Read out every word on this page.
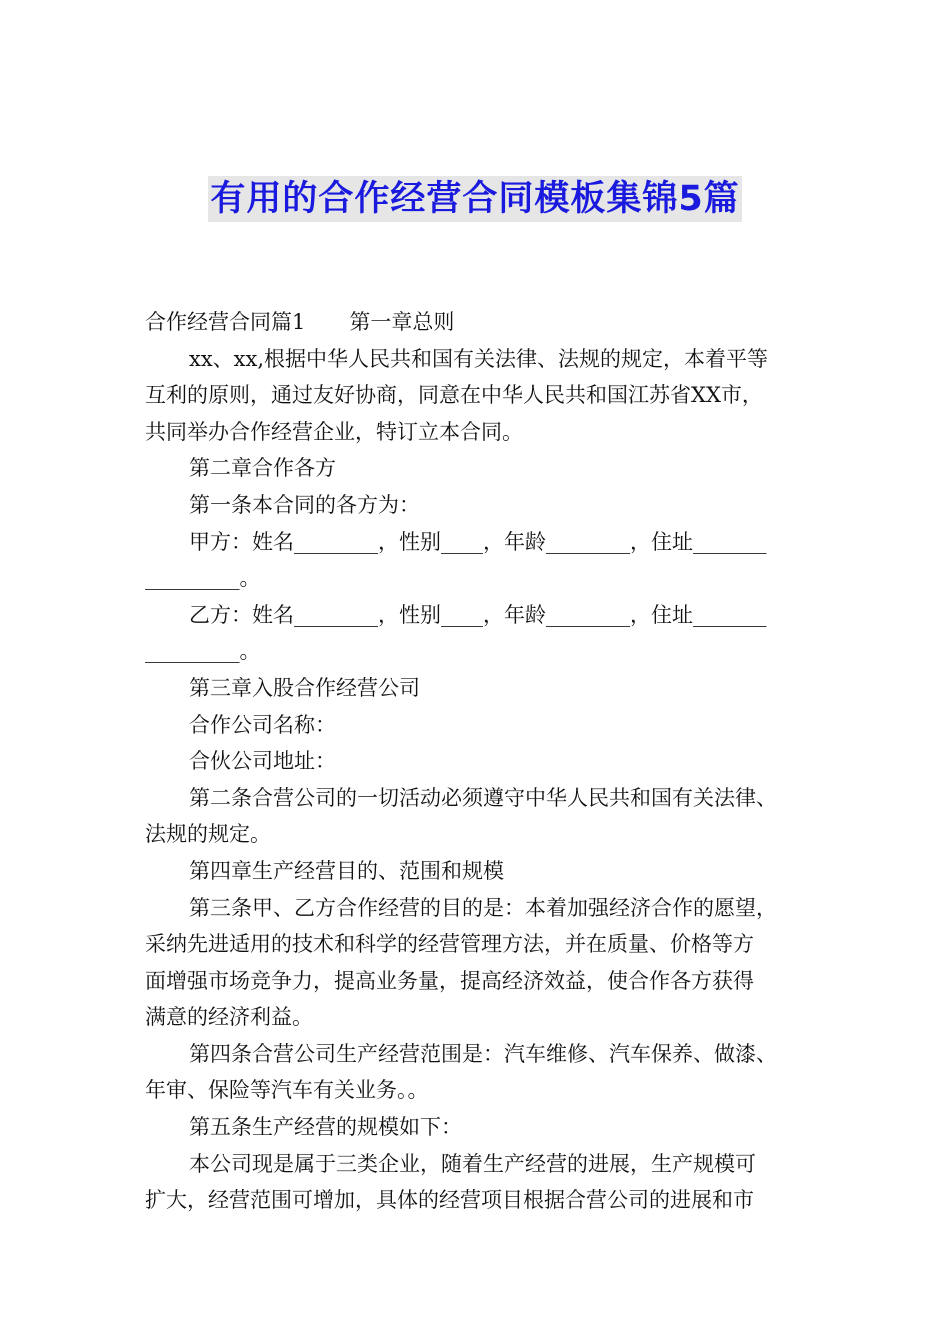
有用的合作经营合同模板集锦5篇
合作经营合同篇1 第一章总则
xx、xx,根据中华人民共和国有关法律、法规的规定，本着平等
互利的原则，通过友好协商，同意在中华人民共和国江苏省XX市，
共同举办合作经营企业，特订立本合同。
第二章合作各方
第一条本合同的各方为：
甲方：姓名________，性别____，年龄________，住址_______
_________。
乙方：姓名________，性别____，年龄________，住址_______
_________。
第三章入股合作经营公司
合作公司名称：
合伙公司地址：
第二条合营公司的一切活动必须遵守中华人民共和国有关法律、
法规的规定。
第四章生产经营目的、范围和规模
第三条甲、乙方合作经营的目的是：本着加强经济合作的愿望，
采纳先进适用的技术和科学的经营管理方法，并在质量、价格等方
面增强市场竞争力，提高业务量，提高经济效益，使合作各方获得
满意的经济利益。
第四条合营公司生产经营范围是：汽车维修、汽车保养、做漆、
年审、保险等汽车有关业务。。
第五条生产经营的规模如下：
本公司现是属于三类企业，随着生产经营的进展，生产规模可
扩大，经营范围可增加，具体的经营项目根据合营公司的进展和市
